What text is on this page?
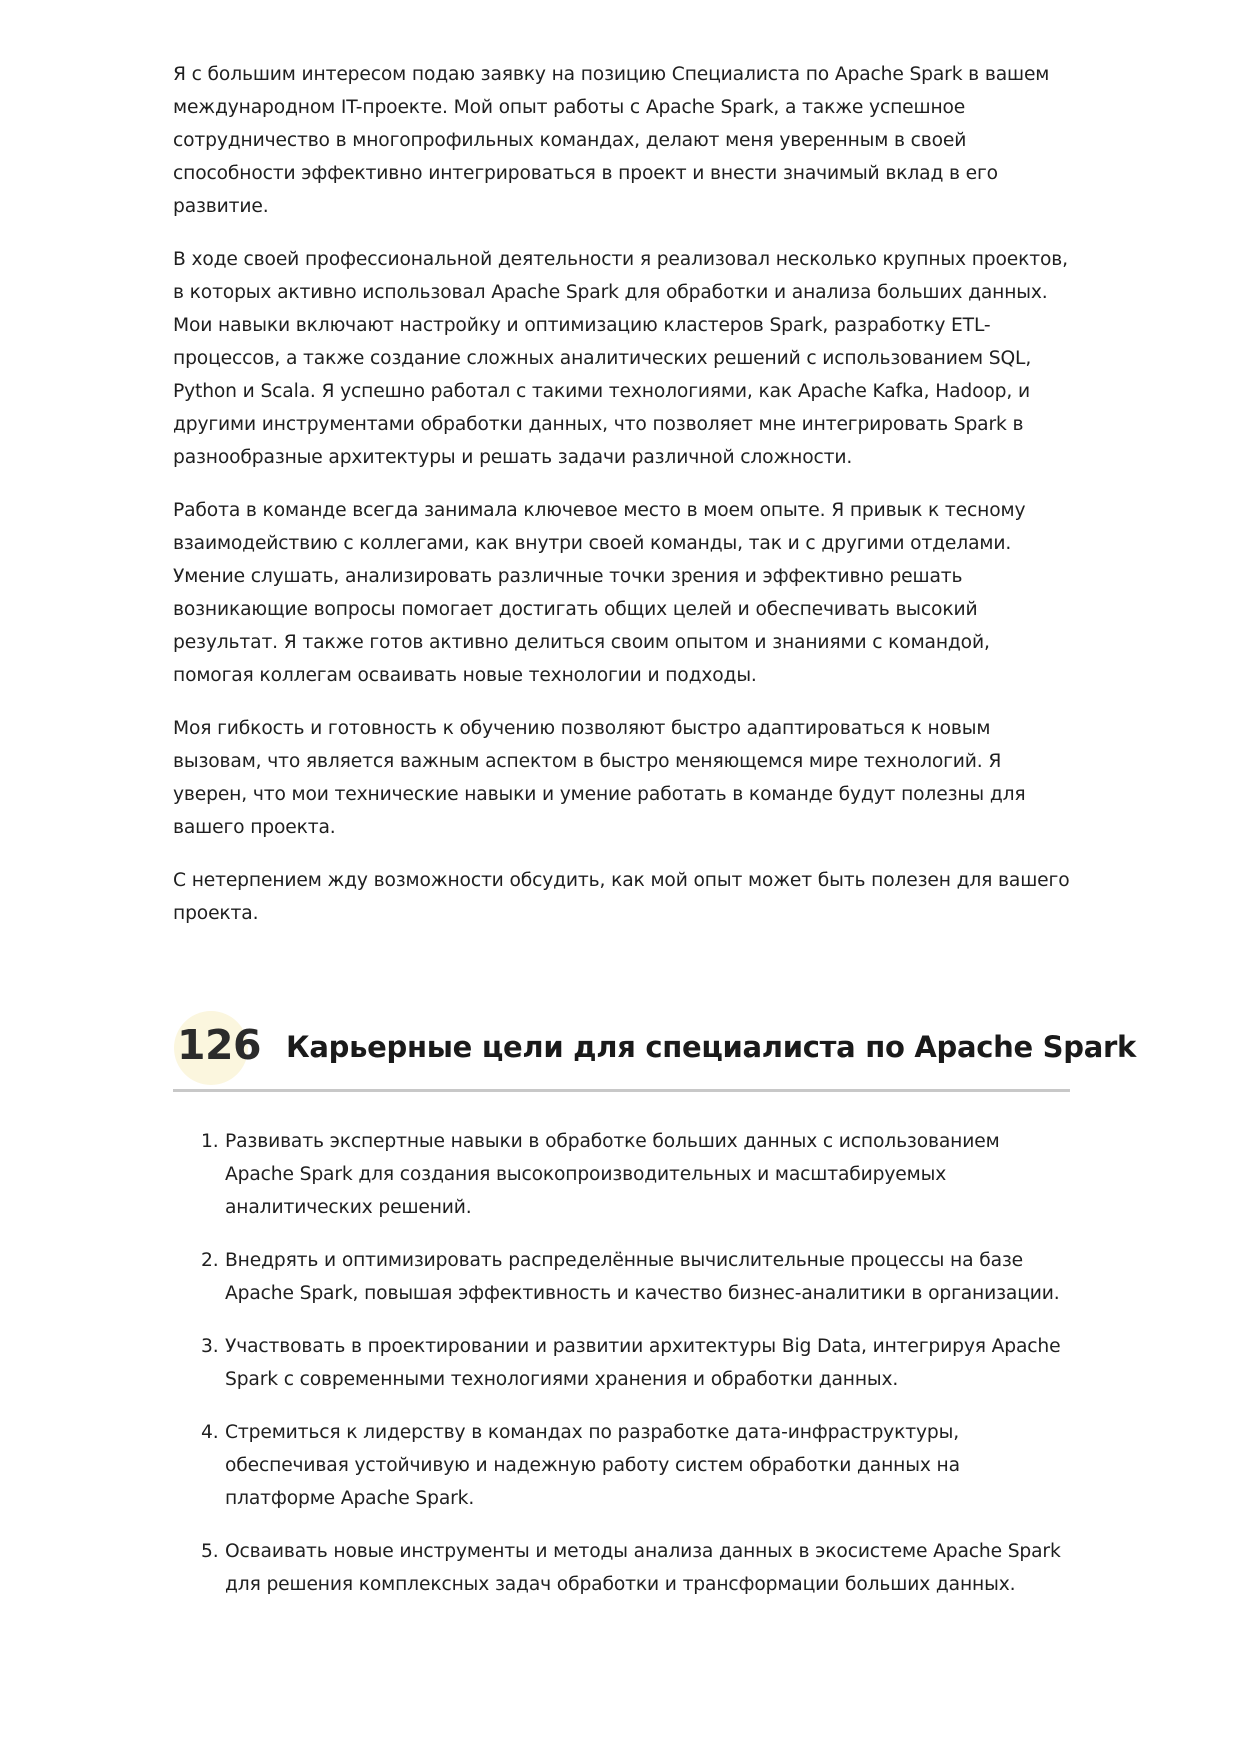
Я с большим интересом подаю заявку на позицию Специалиста по Apache Spark в вашем международном IT-проекте. Мой опыт работы с Apache Spark, а также успешное сотрудничество в многопрофильных командах, делают меня уверенным в своей способности эффективно интегрироваться в проект и внести значимый вклад в его развитие.

В ходе своей профессиональной деятельности я реализовал несколько крупных проектов, в которых активно использовал Apache Spark для обработки и анализа больших данных. Мои навыки включают настройку и оптимизацию кластеров Spark, разработку ETL-процессов, а также создание сложных аналитических решений с использованием SQL, Python и Scala. Я успешно работал с такими технологиями, как Apache Kafka, Hadoop, и другими инструментами обработки данных, что позволяет мне интегрировать Spark в разнообразные архитектуры и решать задачи различной сложности.

Работа в команде всегда занимала ключевое место в моем опыте. Я привык к тесному взаимодействию с коллегами, как внутри своей команды, так и с другими отделами. Умение слушать, анализировать различные точки зрения и эффективно решать возникающие вопросы помогает достигать общих целей и обеспечивать высокий результат. Я также готов активно делиться своим опытом и знаниями с командой, помогая коллегам осваивать новые технологии и подходы.

Моя гибкость и готовность к обучению позволяют быстро адаптироваться к новым вызовам, что является важным аспектом в быстро меняющемся мире технологий. Я уверен, что мои технические навыки и умение работать в команде будут полезны для вашего проекта.

С нетерпением жду возможности обсудить, как мой опыт может быть полезен для вашего проекта.

126 Карьерные цели для специалиста по Apache Spark
1. Развивать экспертные навыки в обработке больших данных с использованием Apache Spark для создания высокопроизводительных и масштабируемых аналитических решений.
2. Внедрять и оптимизировать распределённые вычислительные процессы на базе Apache Spark, повышая эффективность и качество бизнес-аналитики в организации.
3. Участвовать в проектировании и развитии архитектуры Big Data, интегрируя Apache Spark с современными технологиями хранения и обработки данных.
4. Стремиться к лидерству в командах по разработке дата-инфраструктуры, обеспечивая устойчивую и надежную работу систем обработки данных на платформе Apache Spark.
5. Осваивать новые инструменты и методы анализа данных в экосистеме Apache Spark для решения комплексных задач обработки и трансформации больших данных.
